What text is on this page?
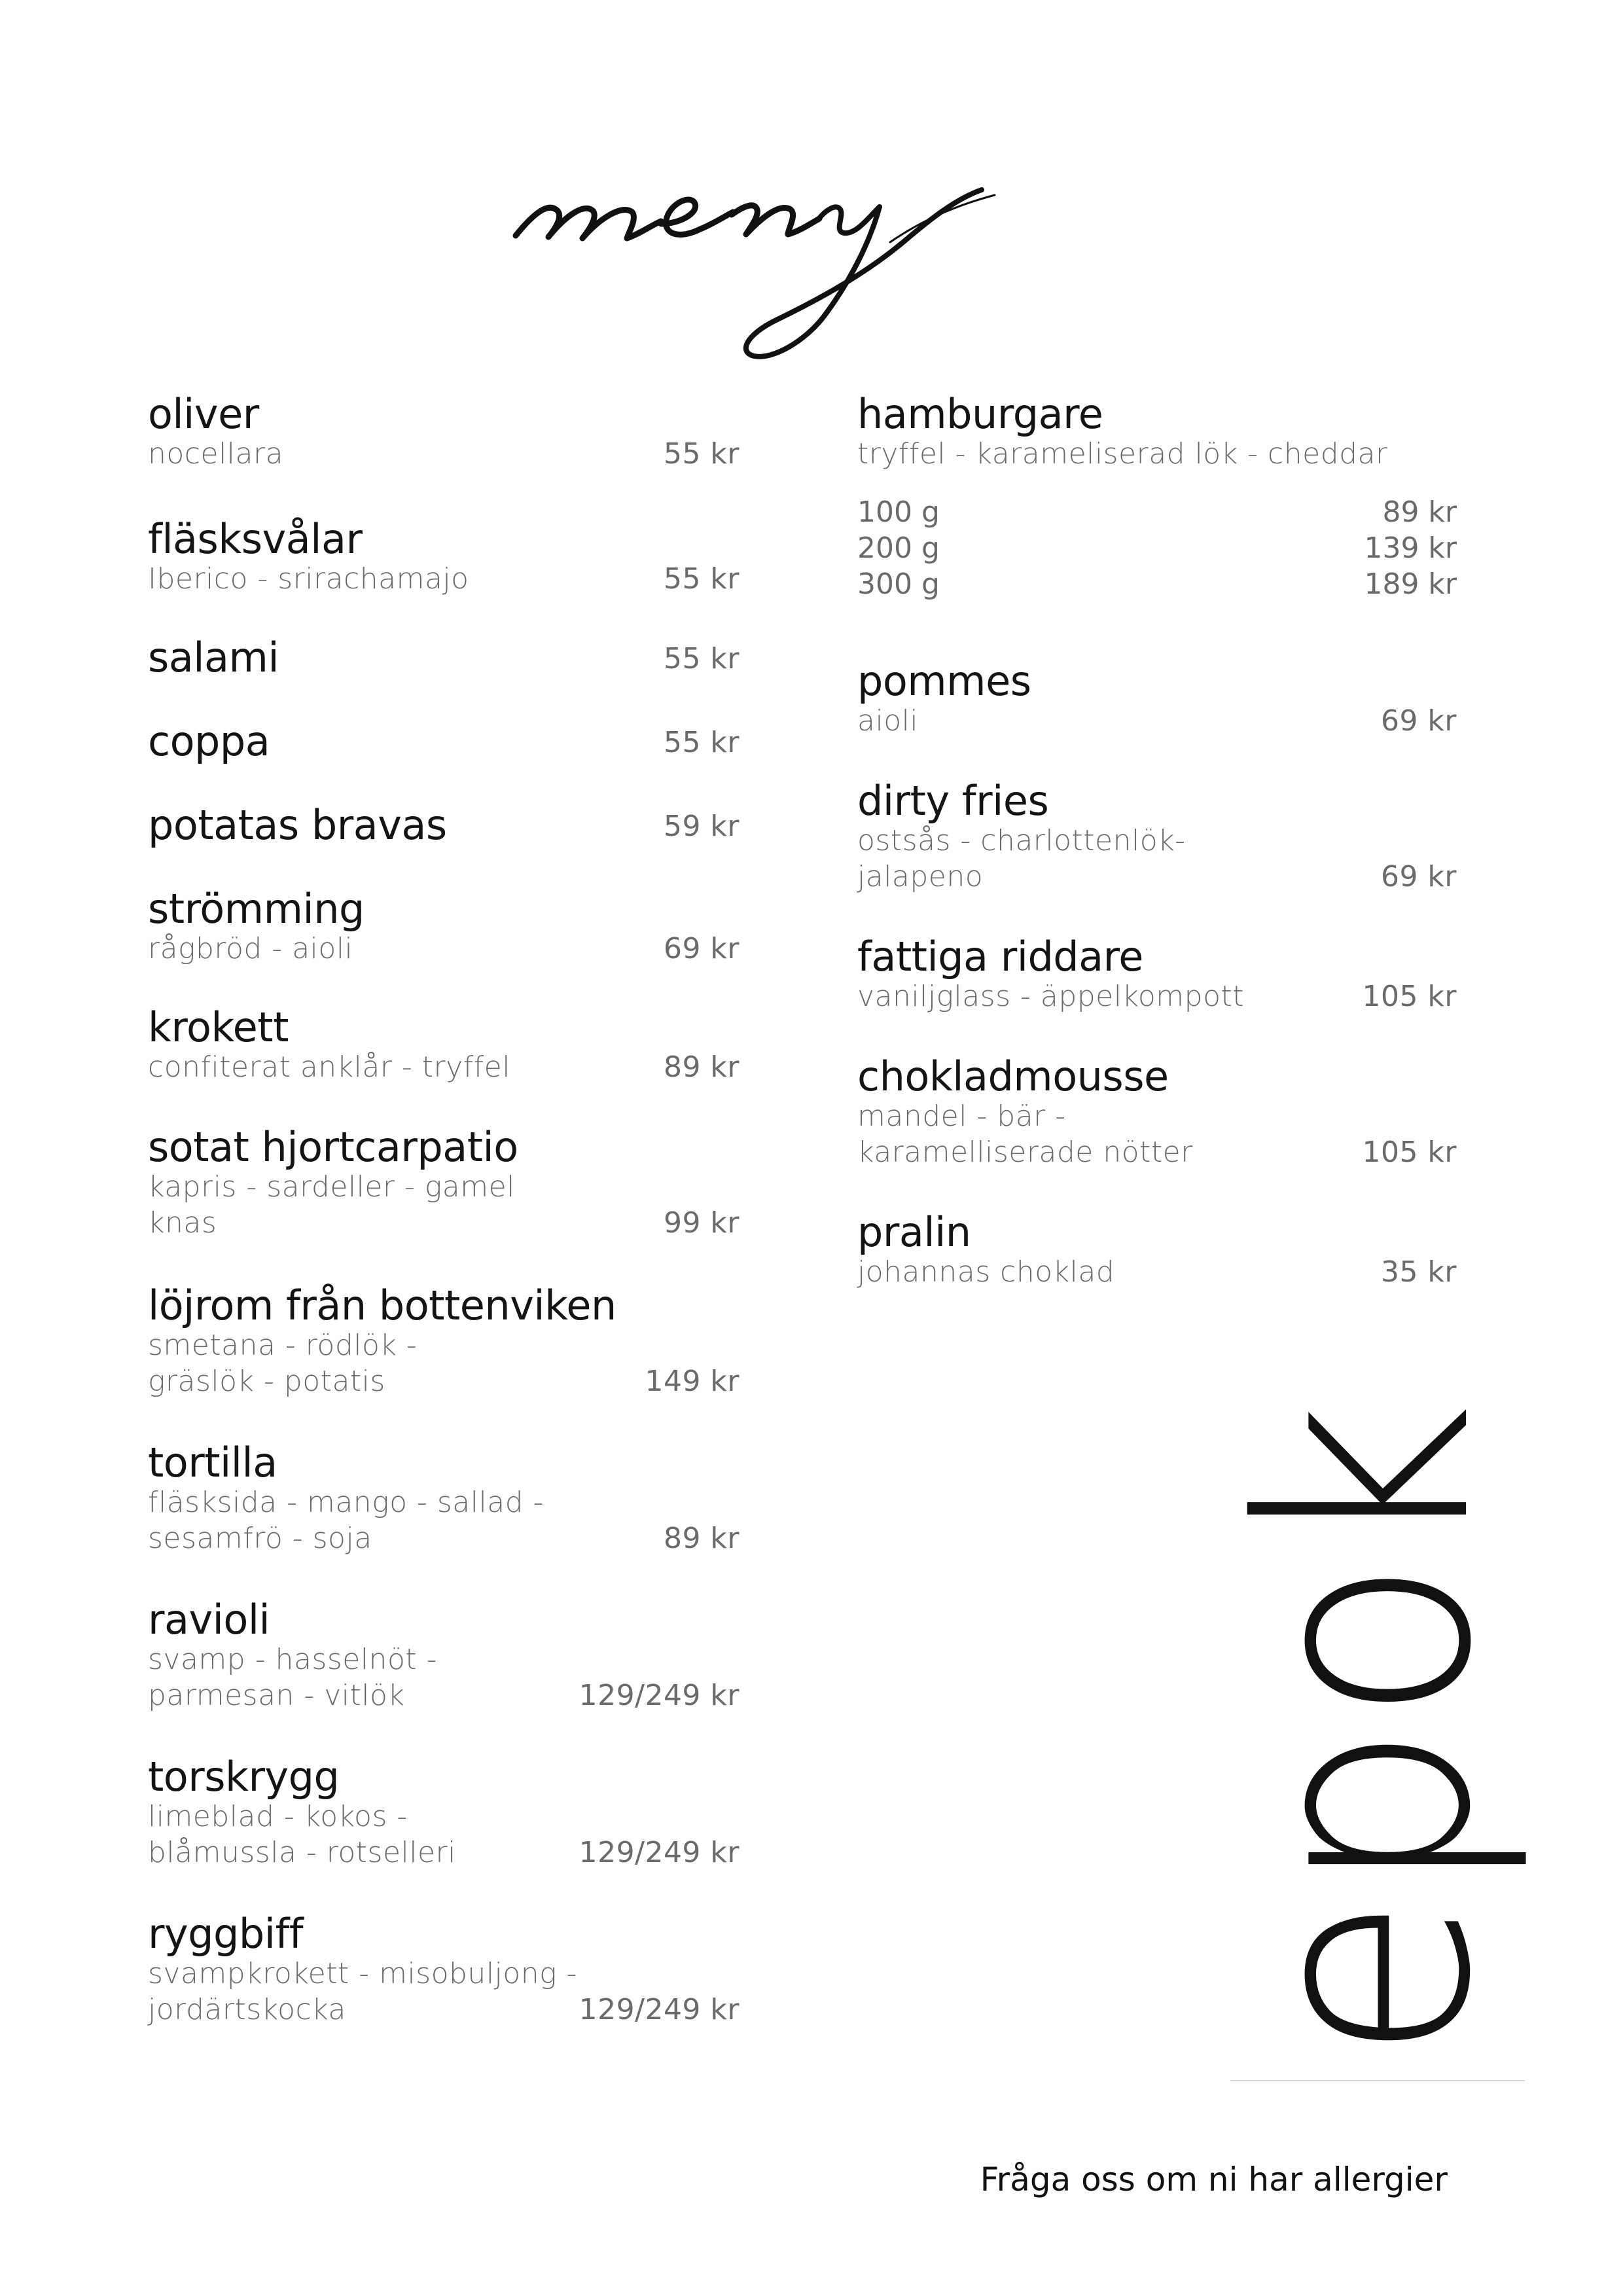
oliver
nocellara	55 kr
fläsksvålar
Iberico - srirachamajo	55 kr
salami	55 kr
coppa	55 kr
potatas bravas	59 kr
strömming
rågbröd - aioli	69 kr
krokett
confiterat anklår - tryffel	89 kr
sotat hjortcarpatio
kapris - sardeller - gamel knas	99 kr
löjrom från bottenviken
smetana - rödlök -
gräslök - potatis	149 kr
tortilla
fläsksida - mango - sallad -
sesamfrö - soja	89 kr
ravioli
svamp - hasselnöt -
parmesan - vitlök	129/249 kr
torskrygg
limeblad - kokos -
blåmussla - rotselleri	129/249 kr
ryggbiff
svampkrokett - misobuljong -
jordärtskocka	129/249 kr
hamburgare
tryffel - karameliserad lök - cheddar
100 g	89 kr
200 g	139 kr
300 g	189 kr
pommes
aioli	69 kr
dirty fries
ostsås - charlottenlök-
jalapeno	69 kr
fattiga riddare
vaniljglass - äppelkompott	105 kr
chokladmousse
mandel - bär -
karamelliserade nötter	105 kr
pralin
johannas choklad	35 kr
epok
Fråga oss om ni har allergier
